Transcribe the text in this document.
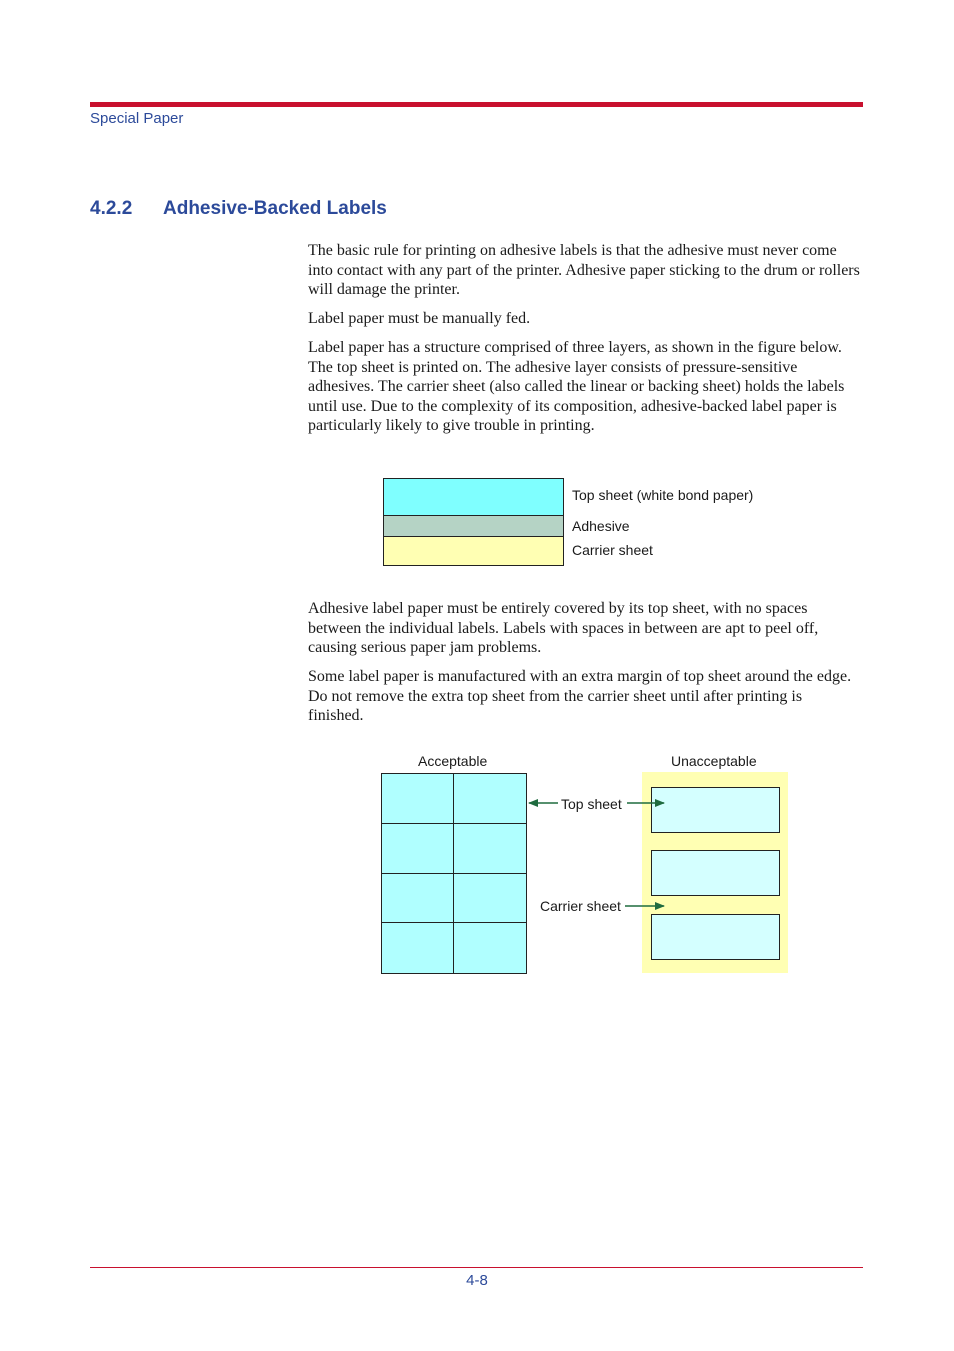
Special Paper
4.2.2 Adhesive-Backed Labels

The basic rule for printing on adhesive labels is that the adhesive must never come into contact with any part of the printer. Adhesive paper sticking to the drum or rollers will damage the printer.

Label paper must be manually fed.

Label paper has a structure comprised of three layers, as shown in the figure below. The top sheet is printed on. The adhesive layer consists of pressure-sensitive adhesives. The carrier sheet (also called the linear or backing sheet) holds the labels until use. Due to the complexity of its composition, adhesive-backed label paper is particularly likely to give trouble in printing.

Top sheet (white bond paper)
Adhesive
Carrier sheet

Adhesive label paper must be entirely covered by its top sheet, with no spaces between the individual labels. Labels with spaces in between are apt to peel off, causing serious paper jam problems.

Some label paper is manufactured with an extra margin of top sheet around the edge. Do not remove the extra top sheet from the carrier sheet until after printing is finished.

Acceptable	Unacceptable
Top sheet
Carrier sheet
4-8
